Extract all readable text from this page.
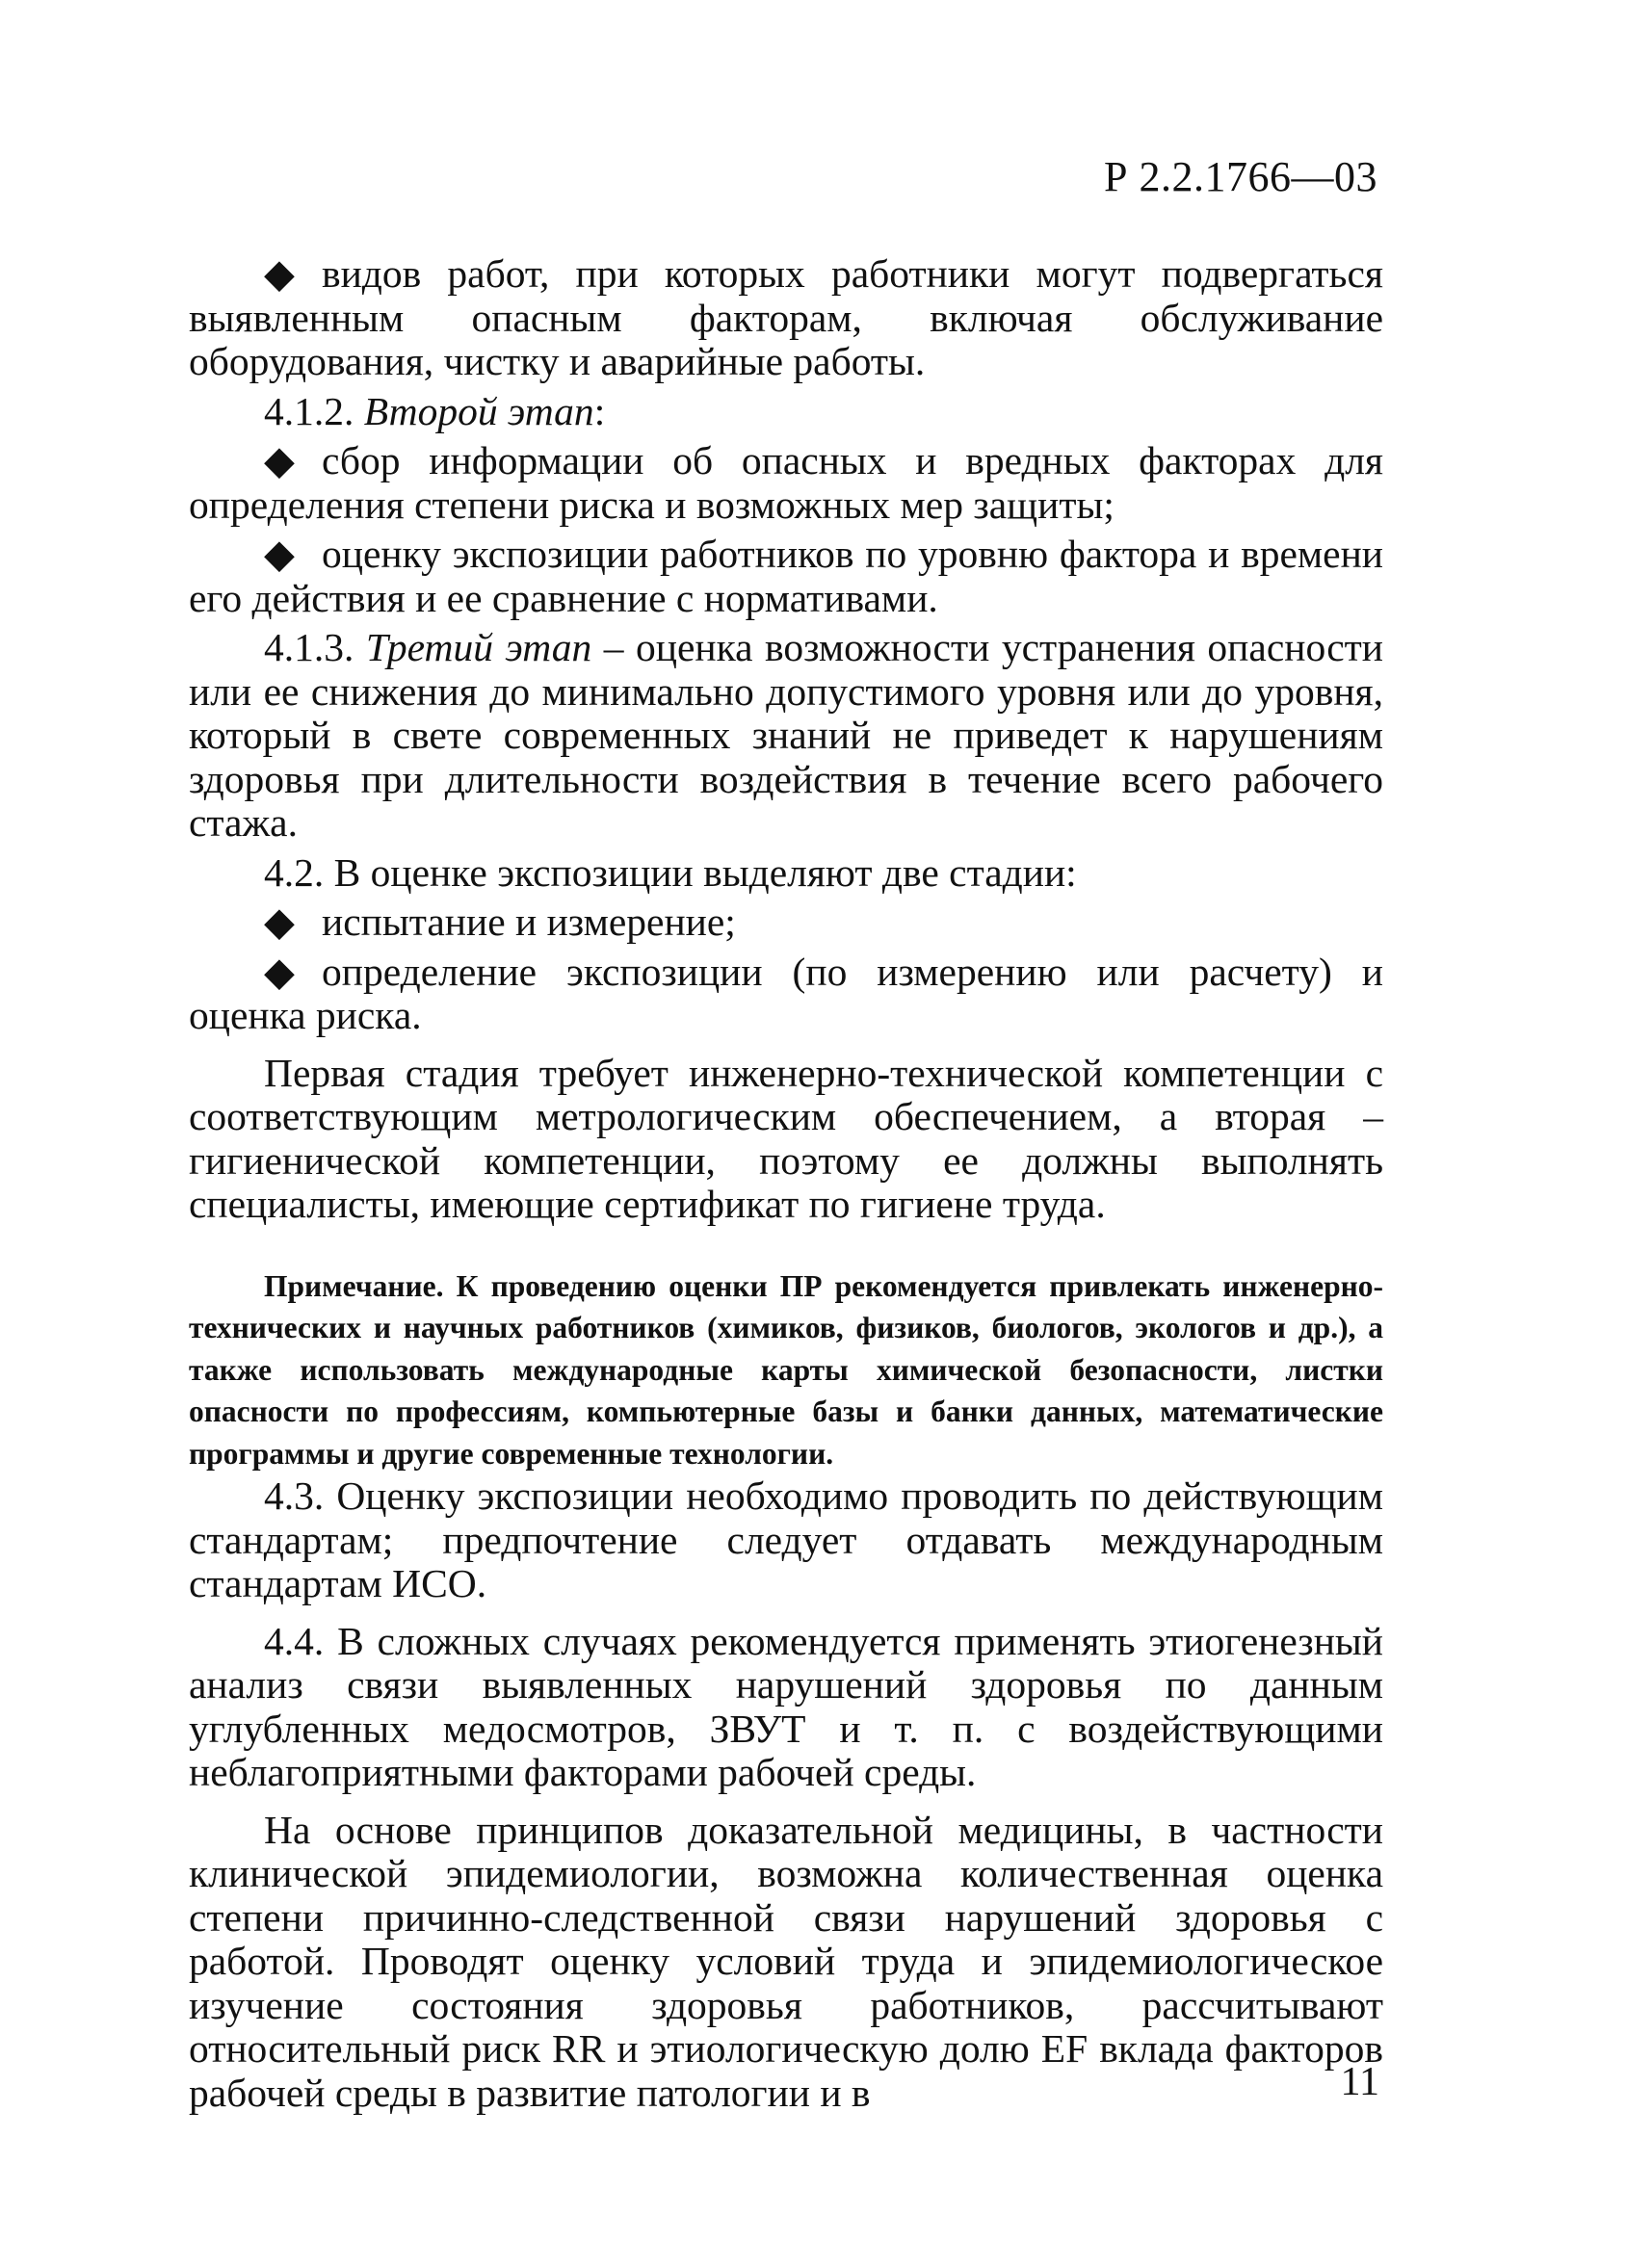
Р 2.2.1766—03

◆ видов работ, при которых работники могут подвергаться выявленным опасным факторам, включая обслуживание оборудования, чистку и аварийные работы.

4.1.2. Второй этап:

◆ сбор информации об опасных и вредных факторах для определения степени риска и возможных мер защиты;

◆ оценку экспозиции работников по уровню фактора и времени его действия и ее сравнение с нормативами.

4.1.3. Третий этап – оценка возможности устранения опасности или ее снижения до минимально допустимого уровня или до уровня, который в свете современных знаний не приведет к нарушениям здоровья при длительности воздействия в течение всего рабочего стажа.

4.2. В оценке экспозиции выделяют две стадии:

◆ испытание и измерение;

◆ определение экспозиции (по измерению или расчету) и оценка риска.

Первая стадия требует инженерно-технической компетенции с соответствующим метрологическим обеспечением, а вторая – гигиенической компетенции, поэтому ее должны выполнять специалисты, имеющие сертификат по гигиене труда.

Примечание. К проведению оценки ПР рекомендуется привлекать инженерно-технических и научных работников (химиков, физиков, биологов, экологов и др.), а также использовать международные карты химической безопасности, листки опасности по профессиям, компьютерные базы и банки данных, математические программы и другие современные технологии.

4.3. Оценку экспозиции необходимо проводить по действующим стандартам; предпочтение следует отдавать международным стандартам ИСО.

4.4. В сложных случаях рекомендуется применять этиогенезный анализ связи выявленных нарушений здоровья по данным углубленных медосмотров, ЗВУТ и т. п. с воздействующими неблагоприятными факторами рабочей среды.

На основе принципов доказательной медицины, в частности клинической эпидемиологии, возможна количественная оценка степени причинно-следственной связи нарушений здоровья с работой. Проводят оценку условий труда и эпидемиологическое изучение состояния здоровья работников, рассчитывают относительный риск RR и этиологическую долю EF вклада факторов рабочей среды в развитие патологии и в	11
